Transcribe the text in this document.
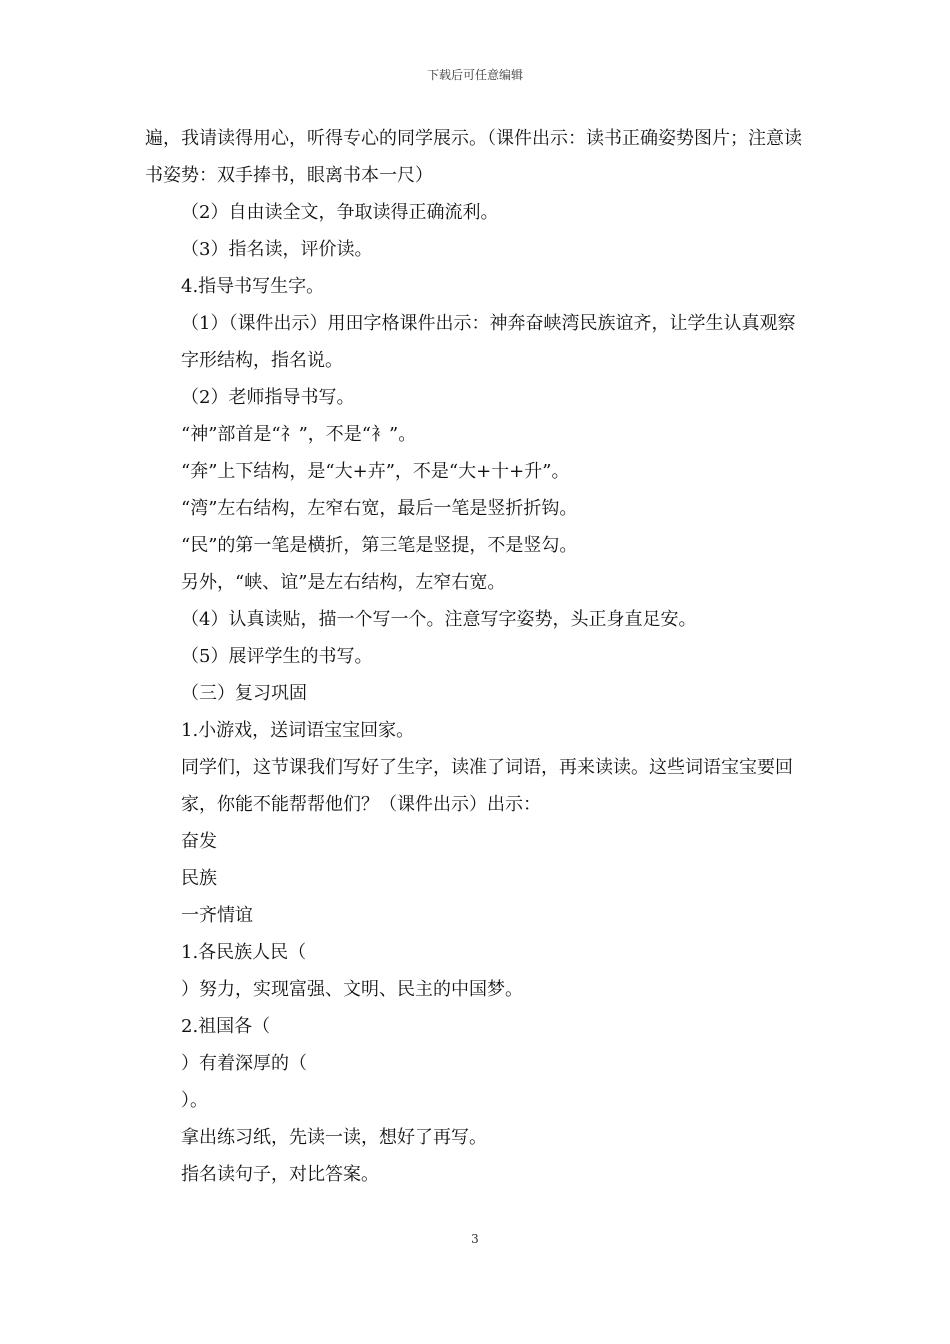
下载后可任意编辑

遍，我请读得用心，听得专心的同学展示。（课件出示：读书正确姿势图片；注意读书姿势：双手捧书，眼离书本一尺）

（2）自由读全文，争取读得正确流利。

（3）指名读，评价读。

4.指导书写生字。

（1）（课件出示）用田字格课件出示：神奔奋峡湾民族谊齐，让学生认真观察字形结构，指名说。

（2）老师指导书写。

“神”部首是“礻”，不是“衤”。

“奔”上下结构，是“大+卉”，不是“大+十+升”。

“湾”左右结构，左窄右宽，最后一笔是竖折折钩。

“民”的第一笔是横折，第三笔是竖提，不是竖勾。

另外，“峡、谊”是左右结构，左窄右宽。

（4）认真读贴，描一个写一个。注意写字姿势，头正身直足安。

（5）展评学生的书写。

（三）复习巩固

1.小游戏，送词语宝宝回家。

同学们，这节课我们写好了生字，读准了词语，再来读读。这些词语宝宝要回家，你能不能帮帮他们？（课件出示）出示：

奋发

民族

一齐情谊

1.各民族人民（

）努力，实现富强、文明、民主的中国梦。

2.祖国各（

）有着深厚的（

）。

拿出练习纸，先读一读，想好了再写。

指名读句子，对比答案。

3
